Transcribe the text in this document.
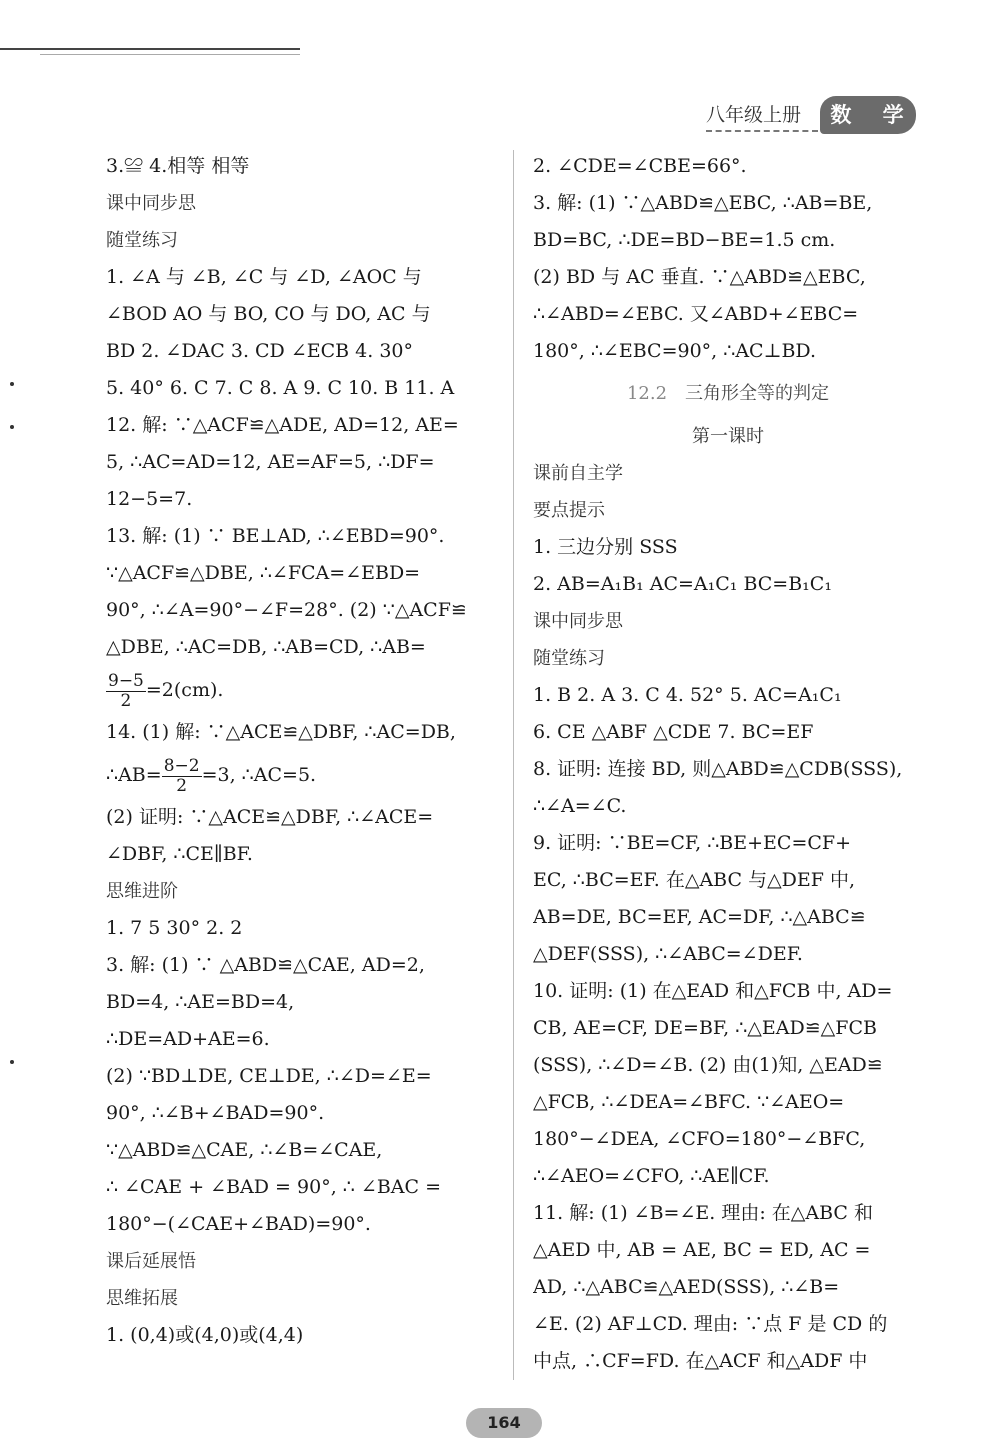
八年级上册	数 学
3.≌ 4.相等 相等
课中同步思
随堂练习
1. ∠A 与 ∠B, ∠C 与 ∠D, ∠AOC 与
∠BOD AO 与 BO, CO 与 DO, AC 与
BD 2. ∠DAC 3. CD ∠ECB 4. 30°
5. 40° 6. C 7. C 8. A 9. C 10. B 11. A
12. 解: ∵△ACF≌△ADE, AD=12, AE=
5, ∴AC=AD=12, AE=AF=5, ∴DF=
12−5=7.
13. 解: (1) ∵ BE⊥AD, ∴∠EBD=90°.
∵△ACF≌△DBE, ∴∠FCA=∠EBD=
90°, ∴∠A=90°−∠F=28°. (2) ∵△ACF≌
△DBE, ∴AC=DB, ∴AB=CD, ∴AB=
$\frac{9-5}{2} =2(cm)$.
14. (1) 解: ∵△ACE≌△DBF, ∴AC=DB,
∴AB= $\frac{8-2}{2} =3$, ∴AC=5.
(2) 证明: ∵△ACE≌△DBF, ∴∠ACE=
∠DBF, ∴CE∥BF.
思维进阶
1. 7 5 30° 2. 2
3. 解: (1) ∵ △ABD≌△CAE, AD=2,
BD=4, ∴AE=BD=4,
∴DE=AD+AE=6.
(2) ∵BD⊥DE, CE⊥DE, ∴∠D=∠E=
90°, ∴∠B+∠BAD=90°.
∵△ABD≌△CAE, ∴∠B=∠CAE,
∴ ∠CAE + ∠BAD = 90°, ∴ ∠BAC =
180°−(∠CAE+∠BAD)=90°.
课后延展悟
思维拓展
1. (0,4)或(4,0)或(4,4)
2. ∠CDE=∠CBE=66°.
3. 解: (1) ∵△ABD≌△EBC, ∴AB=BE,
BD=BC, ∴DE=BD−BE=1.5 cm.
(2) BD 与 AC 垂直. ∵△ABD≌△EBC,
∴∠ABD=∠EBC. 又∠ABD+∠EBC=
180°, ∴∠EBC=90°, ∴AC⊥BD.
12.2 三角形全等的判定
第一课时
课前自主学
要点提示
1. 三边分别 SSS
2. AB=A₁B₁ AC=A₁C₁ BC=B₁C₁
课中同步思
随堂练习
1. B 2. A 3. C 4. 52° 5. AC=A₁C₁
6. CE △ABF △CDE 7. BC=EF
8. 证明: 连接 BD, 则△ABD≌△CDB(SSS),
∴∠A=∠C.
9. 证明: ∵BE=CF, ∴BE+EC=CF+
EC, ∴BC=EF. 在△ABC 与△DEF 中,
AB=DE, BC=EF, AC=DF, ∴△ABC≌
△DEF(SSS), ∴∠ABC=∠DEF.
10. 证明: (1) 在△EAD 和△FCB 中, AD=
CB, AE=CF, DE=BF, ∴△EAD≌△FCB
(SSS), ∴∠D=∠B. (2) 由(1)知, △EAD≌
△FCB, ∴∠DEA=∠BFC. ∵∠AEO=
180°−∠DEA, ∠CFO=180°−∠BFC,
∴∠AEO=∠CFO, ∴AE∥CF.
11. 解: (1) ∠B=∠E. 理由: 在△ABC 和
△AED 中, AB = AE, BC = ED, AC =
AD, ∴△ABC≌△AED(SSS), ∴∠B=
∠E. (2) AF⊥CD. 理由: ∵点 F 是 CD 的
中点, ∴CF=FD. 在△ACF 和△ADF 中
164
